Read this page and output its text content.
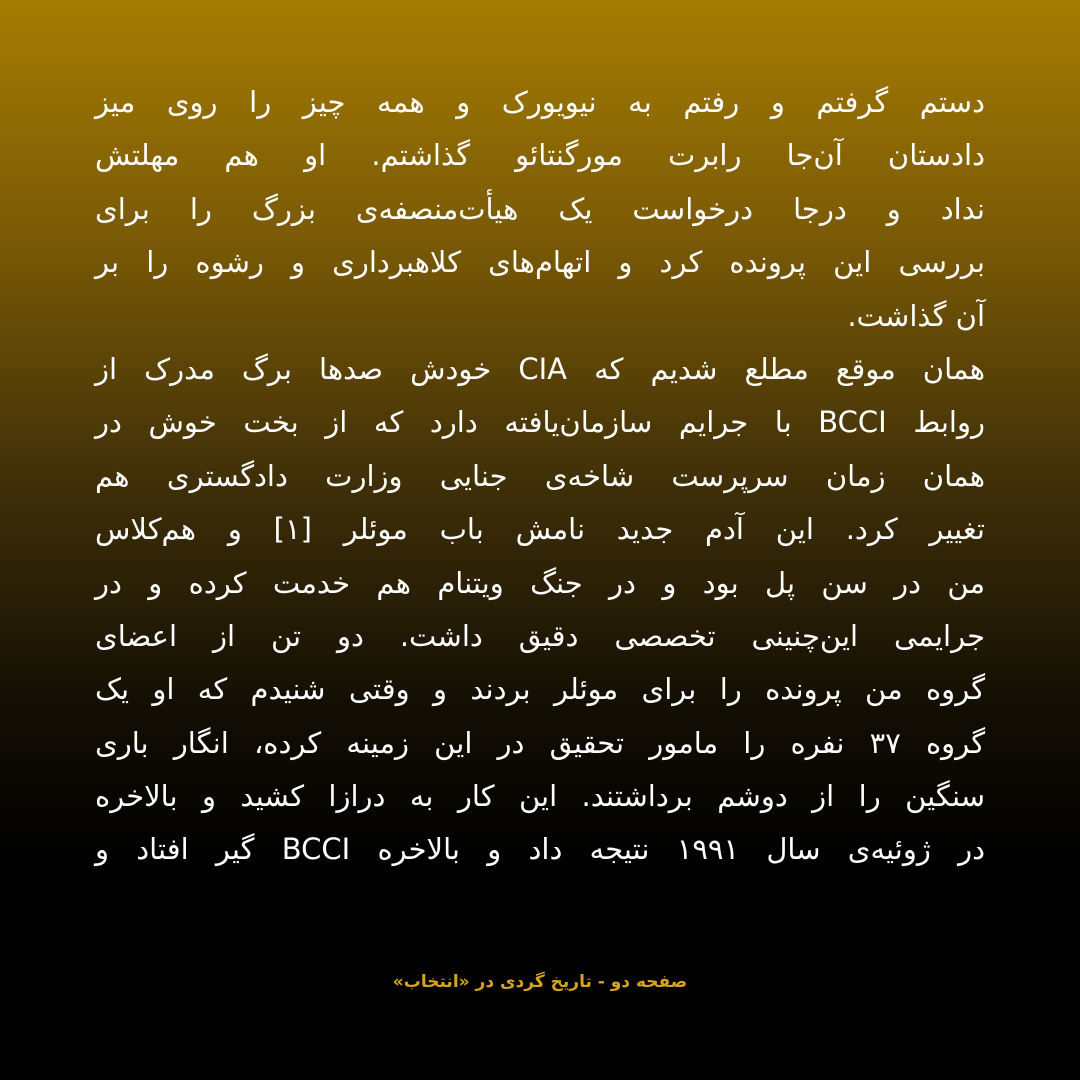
دستم گرفتم و رفتم به نیویورک و همه چیز را روی میز
دادستان آن‌جا رابرت مورگنتائو گذاشتم. او هم مهلتش
نداد و درجا درخواست یک هیأت‌منصفه‌ی بزرگ را برای
بررسی این پرونده کرد و اتهام‌های کلاهبرداری و رشوه را بر
آن گذاشت.
همان موقع مطلع شدیم که CIA خودش صدها برگ مدرک از
روابط BCCI با جرایم سازمان‌یافته دارد که از بخت خوش در
همان زمان سرپرست شاخه‌ی جنایی وزارت دادگستری هم
تغییر کرد. این آدم جدید نامش باب موئلر [۱] و هم‌کلاس
من در سن پل بود و در جنگ ویتنام هم خدمت کرده و در
جرایمی این‌چنینی تخصصی دقیق داشت. دو تن از اعضای
گروه من پرونده را برای موئلر بردند و وقتی شنیدم که او یک
گروه ۳۷ نفره را مامور تحقیق در این زمینه کرده، انگار باری
سنگین را از دوشم برداشتند. این کار به درازا کشید و بالاخره
در ژوئیه‌ی سال ۱۹۹۱ نتیجه داد و بالاخره BCCI گیر افتاد و
صفحه دو - تاریخ گردی در «انتخاب»
